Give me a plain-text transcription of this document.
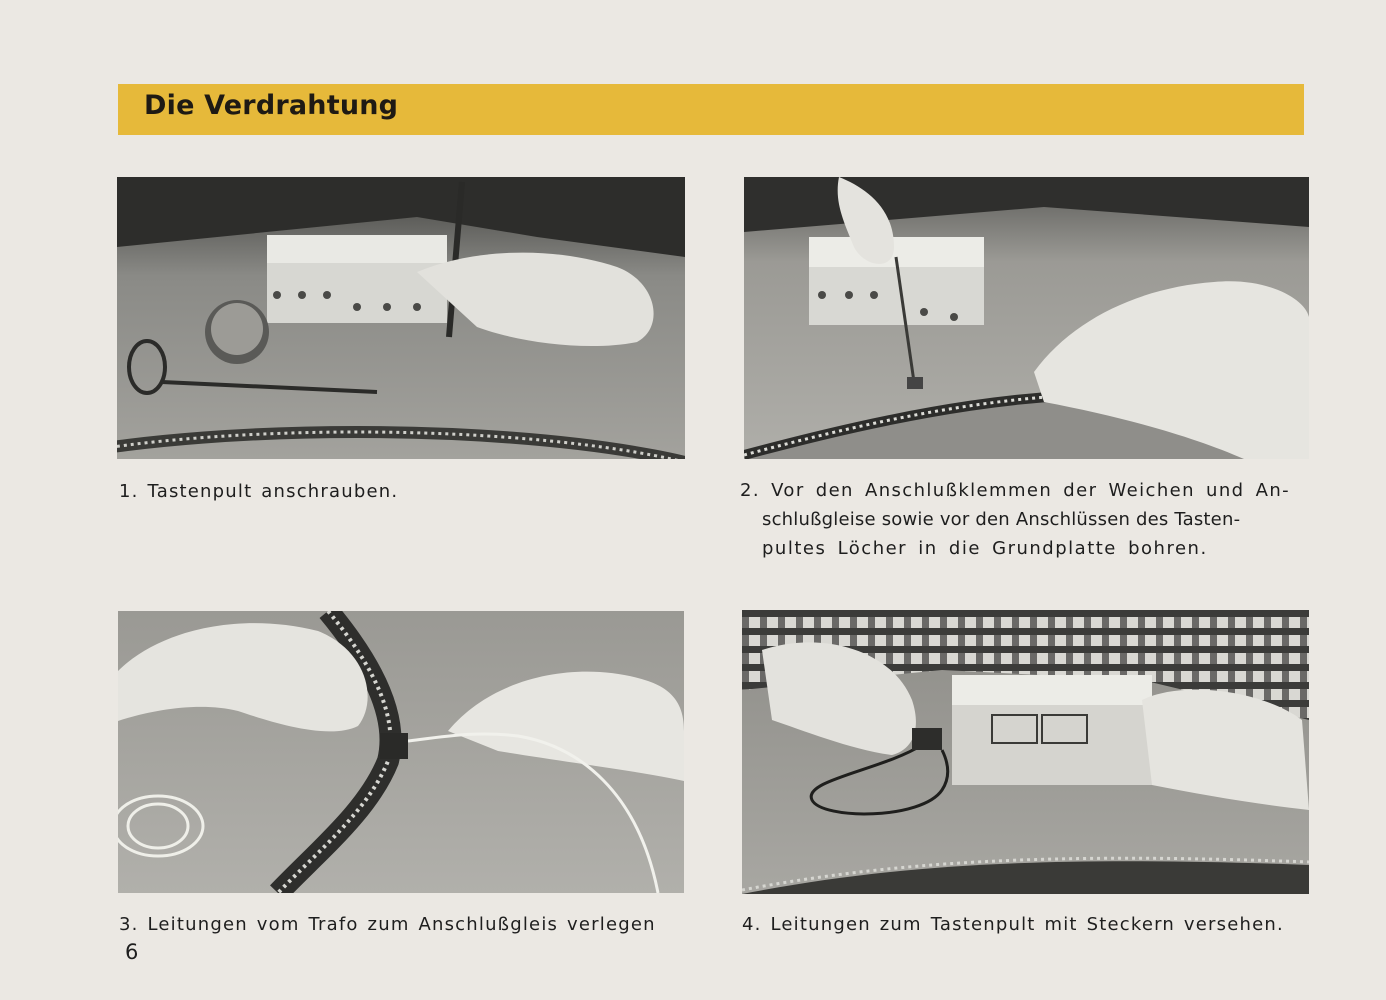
Die Verdrahtung

1. Tastenpult anschrauben.	2. Vor den Anschlußklemmen der Weichen und An-
schlußgleise sowie vor den Anschlüssen des Tasten-
pultes Löcher in die Grundplatte bohren.

3. Leitungen vom Trafo zum Anschlußgleis verlegen	4. Leitungen zum Tastenpult mit Steckern versehen.

6
